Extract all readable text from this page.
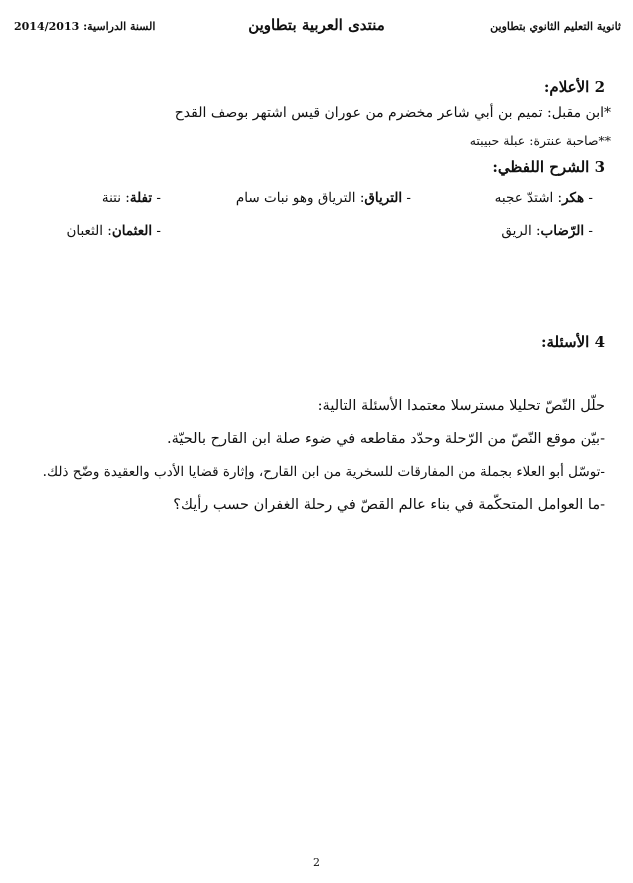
ثانوية التعليم الثانوي بتطاوين
منتدى العربية بتطاوين
السنة الدراسية: 2014/2013
2 الأعلام:
*ابن مقبل: تميم بن أبي شاعر مخضرم من عوران قيس اشتهر بوصف القدح
**صاحبة عنترة: عبلة حبيبته
3 الشرح اللفظي:
- هكر: اشتدّ عجبه
- الترياق: الترياق وهو نبات سام
- تفلة: نتنة
- الرّضاب: الريق
- العثمان: الثعبان
4 الأسئلة:
حلّل النّصّ تحليلا مسترسلا معتمدا الأسئلة التالية:
-بيّن موقع النّصّ من الرّحلة وحدّد مقاطعه في ضوء صلة ابن القارح بالحيّة.
-توسّل أبو العلاء بجملة من المفارقات للسخرية من ابن القارح، وإثارة قضايا الأدب والعقيدة وضّح ذلك.
-ما العوامل المتحكّمة في بناء عالم القصّ في رحلة الغفران حسب رأيك؟
2
